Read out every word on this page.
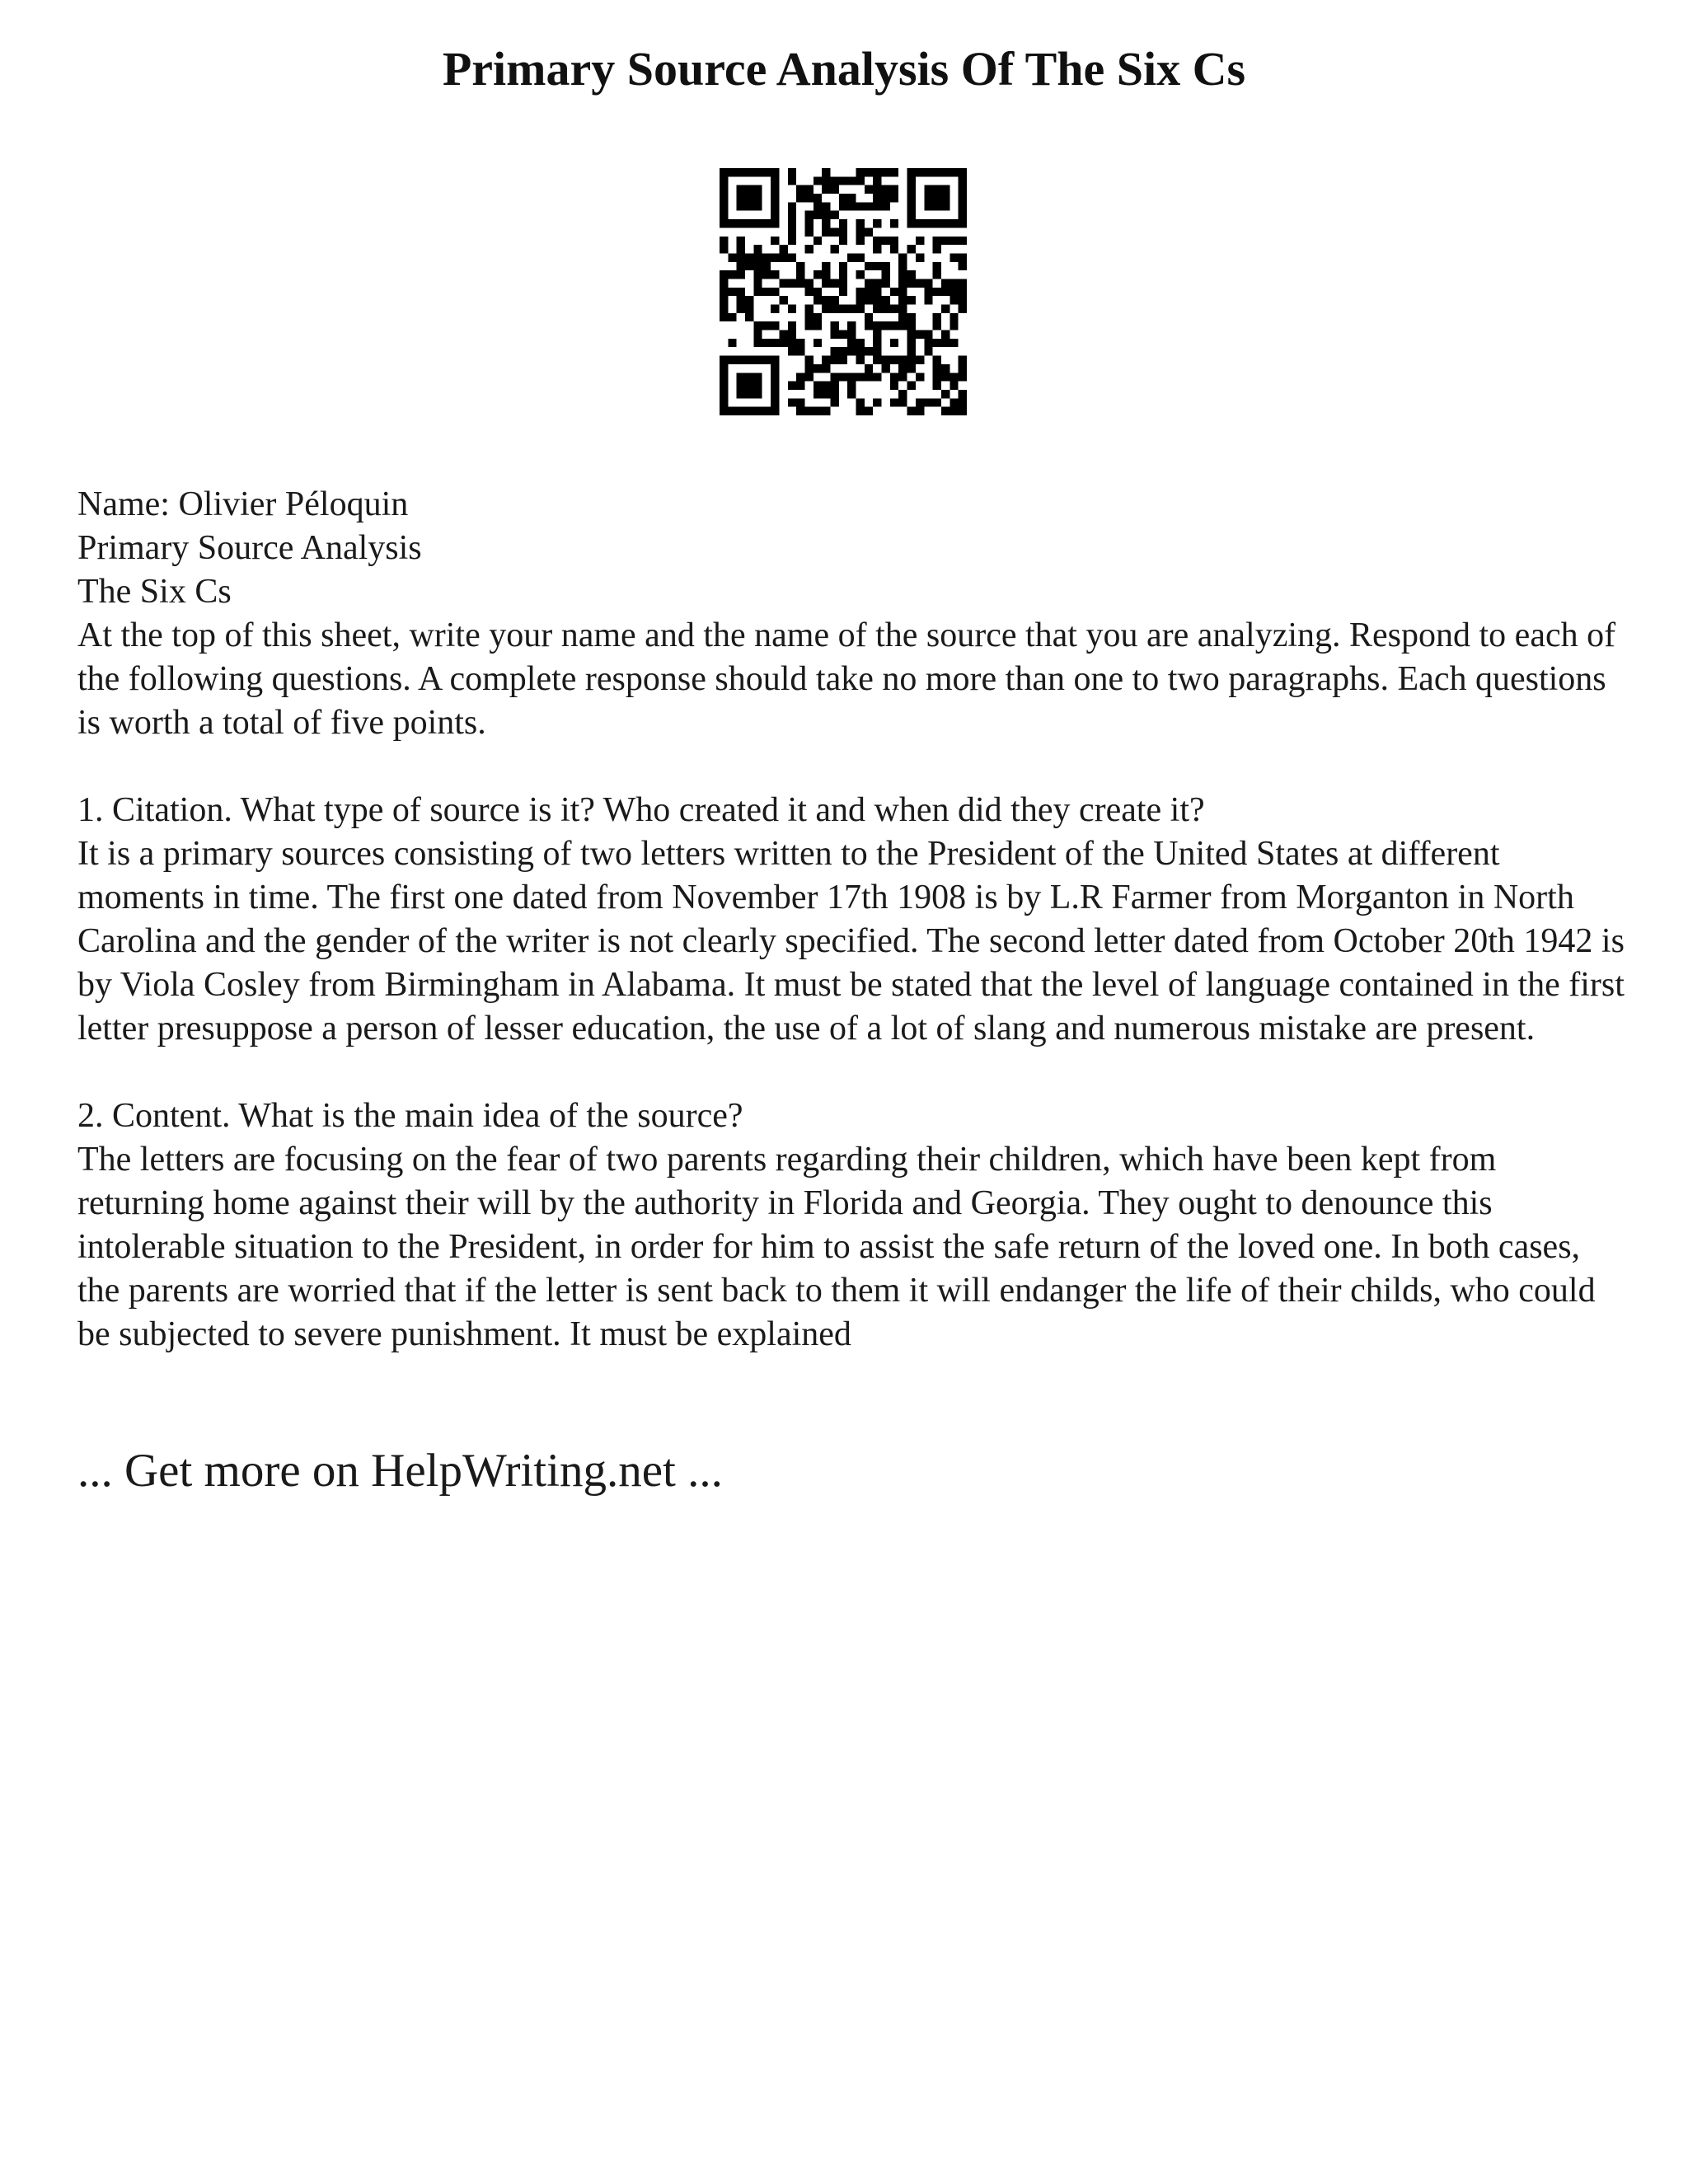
Primary Source Analysis Of The Six Cs

Name: Olivier Péloquin

Primary Source Analysis

The Six Cs

At the top of this sheet, write your name and the name of the source that you are analyzing. Respond to each of the following questions. A complete response should take no more than one to two paragraphs. Each questions is worth a total of five points.

1. Citation. What type of source is it? Who created it and when did they create it?

It is a primary sources consisting of two letters written to the President of the United States at different moments in time. The first one dated from November 17th 1908 is by L.R Farmer from Morganton in North Carolina and the gender of the writer is not clearly specified. The second letter dated from October 20th 1942 is by Viola Cosley from Birmingham in Alabama. It must be stated that the level of language contained in the first letter presuppose a person of lesser education, the use of a lot of slang and numerous mistake are present.

2. Content. What is the main idea of the source?

The letters are focusing on the fear of two parents regarding their children, which have been kept from returning home against their will by the authority in Florida and Georgia. They ought to denounce this intolerable situation to the President, in order for him to assist the safe return of the loved one. In both cases, the parents are worried that if the letter is sent back to them it will endanger the life of their childs, who could be subjected to severe punishment. It must be explained

... Get more on HelpWriting.net ...
